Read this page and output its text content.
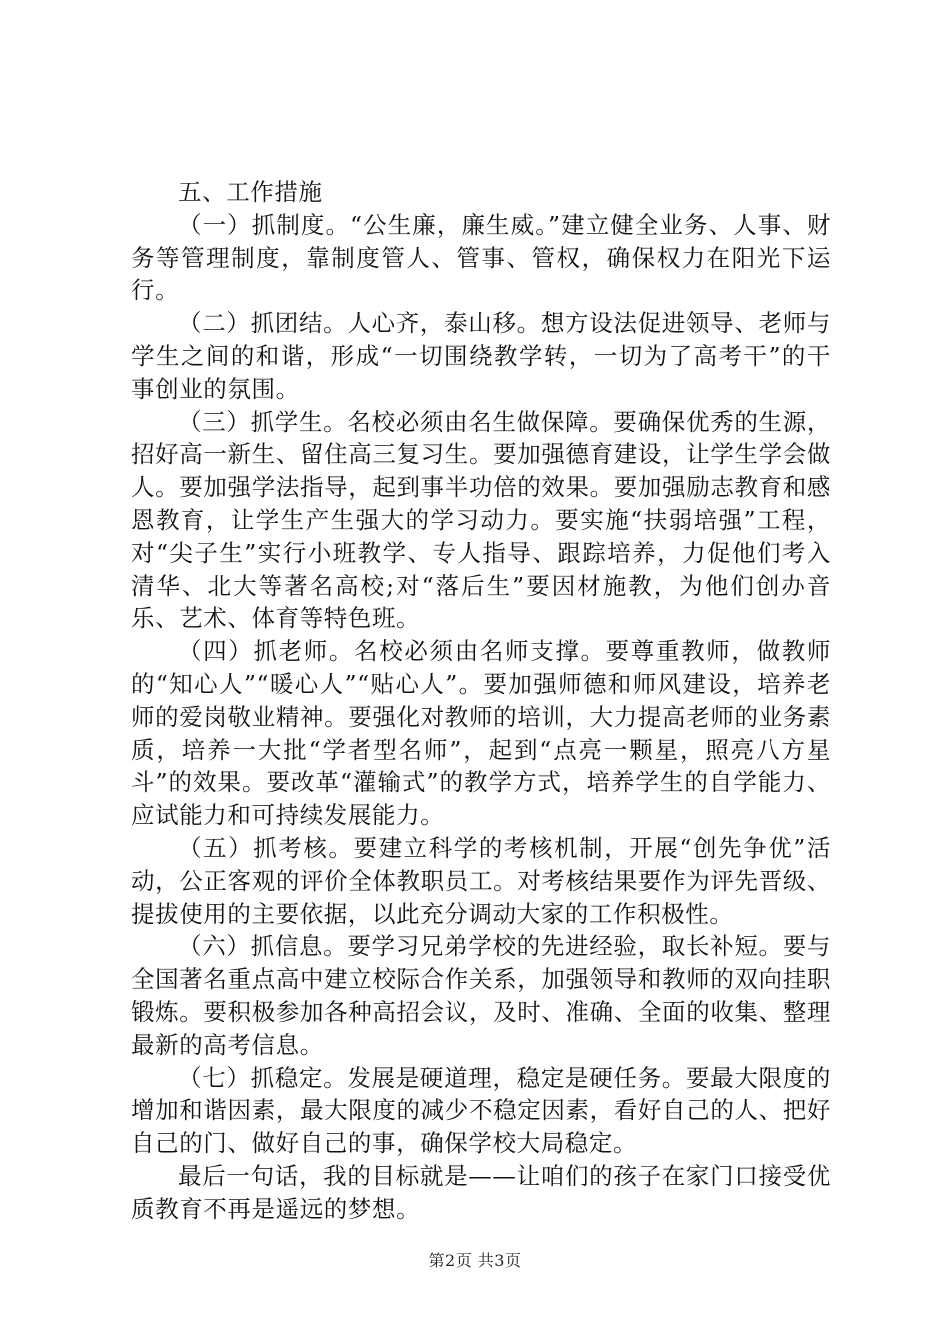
五、工作措施

（一）抓制度。“公生廉，廉生威。”建立健全业务、人事、财务等管理制度，靠制度管人、管事、管权，确保权力在阳光下运行。

（二）抓团结。人心齐，泰山移。想方设法促进领导、老师与学生之间的和谐，形成“一切围绕教学转，一切为了高考干”的干事创业的氛围。

（三）抓学生。名校必须由名生做保障。要确保优秀的生源，招好高一新生、留住高三复习生。要加强德育建设，让学生学会做人。要加强学法指导，起到事半功倍的效果。要加强励志教育和感恩教育，让学生产生强大的学习动力。要实施“扶弱培强”工程，对“尖子生”实行小班教学、专人指导、跟踪培养，力促他们考入清华、北大等著名高校;对“落后生”要因材施教，为他们创办音乐、艺术、体育等特色班。

（四）抓老师。名校必须由名师支撑。要尊重教师，做教师的“知心人”“暖心人”“贴心人”。要加强师德和师风建设，培养老师的爱岗敬业精神。要强化对教师的培训，大力提高老师的业务素质，培养一大批“学者型名师”，起到“点亮一颗星，照亮八方星斗”的效果。要改革“灌输式”的教学方式，培养学生的自学能力、应试能力和可持续发展能力。

（五）抓考核。要建立科学的考核机制，开展“创先争优”活动，公正客观的评价全体教职员工。对考核结果要作为评先晋级、提拔使用的主要依据，以此充分调动大家的工作积极性。

（六）抓信息。要学习兄弟学校的先进经验，取长补短。要与全国著名重点高中建立校际合作关系，加强领导和教师的双向挂职锻炼。要积极参加各种高招会议，及时、准确、全面的收集、整理最新的高考信息。

（七）抓稳定。发展是硬道理，稳定是硬任务。要最大限度的增加和谐因素，最大限度的减少不稳定因素，看好自己的人、把好自己的门、做好自己的事，确保学校大局稳定。

最后一句话，我的目标就是——让咱们的孩子在家门口接受优质教育不再是遥远的梦想。

第2页 共3页
